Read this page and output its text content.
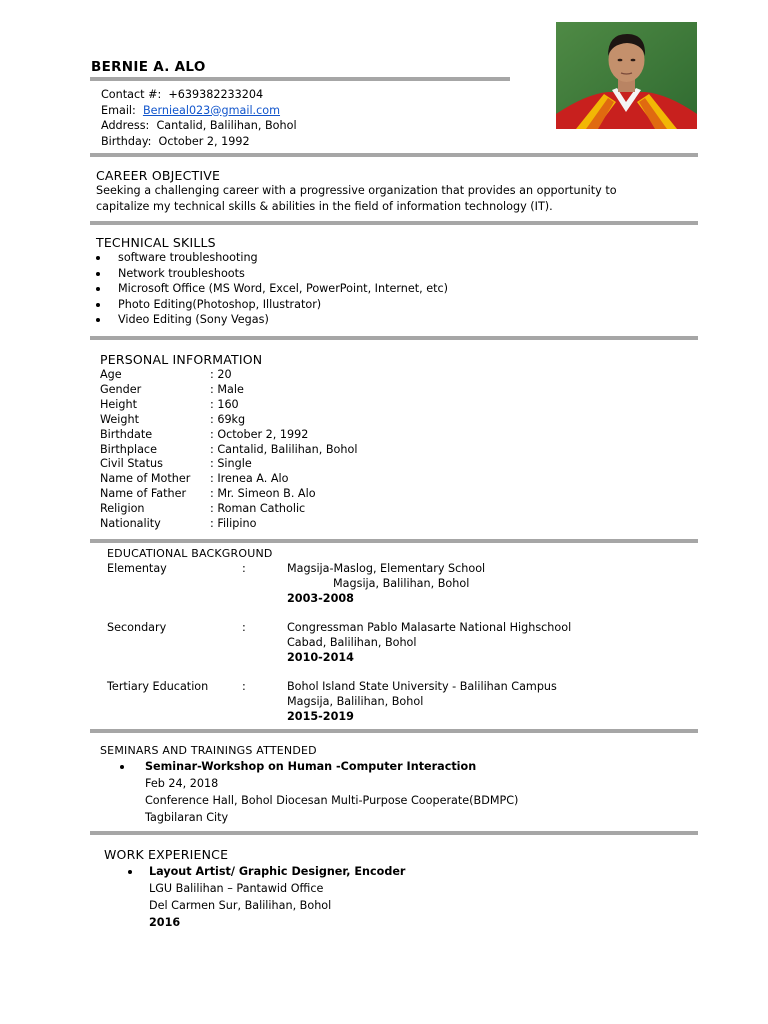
BERNIE A. ALO
Contact #: +639382233204
Email: Bernieal023@gmail.com
Address: Cantalid, Balilihan, Bohol
Birthday: October 2, 1992
CAREER OBJECTIVE
Seeking a challenging career with a progressive organization that provides an opportunity to capitalize my technical skills & abilities in the field of information technology (IT).
TECHNICAL SKILLS
software troubleshooting
Network troubleshoots
Microsoft Office (MS Word, Excel, PowerPoint, Internet, etc)
Photo Editing(Photoshop, Illustrator)
Video Editing (Sony Vegas)
PERSONAL INFORMATION
Age	: 20
Gender	: Male
Height	: 160
Weight	: 69kg
Birthdate	: October 2, 1992
Birthplace	: Cantalid, Balilihan, Bohol
Civil Status	: Single
Name of Mother	: Irenea A. Alo
Name of Father	: Mr. Simeon B. Alo
Religion	: Roman Catholic
Nationality	: Filipino
EDUCATIONAL BACKGROUND
Elementay	:	Magsija-Maslog, Elementary School
Magsija, Balilihan, Bohol
2003-2008
Secondary	:	Congressman Pablo Malasarte National Highschool
Cabad, Balilihan, Bohol
2010-2014
Tertiary Education	:	Bohol Island State University - Balilihan Campus
Magsija, Balilihan, Bohol
2015-2019
SEMINARS AND TRAININGS ATTENDED
Seminar-Workshop on Human -Computer Interaction
Feb 24, 2018
Conference Hall, Bohol Diocesan Multi-Purpose Cooperate(BDMPC)
Tagbilaran City
WORK EXPERIENCE
Layout Artist/ Graphic Designer, Encoder
LGU Balilihan – Pantawid Office
Del Carmen Sur, Balilihan, Bohol
2016
